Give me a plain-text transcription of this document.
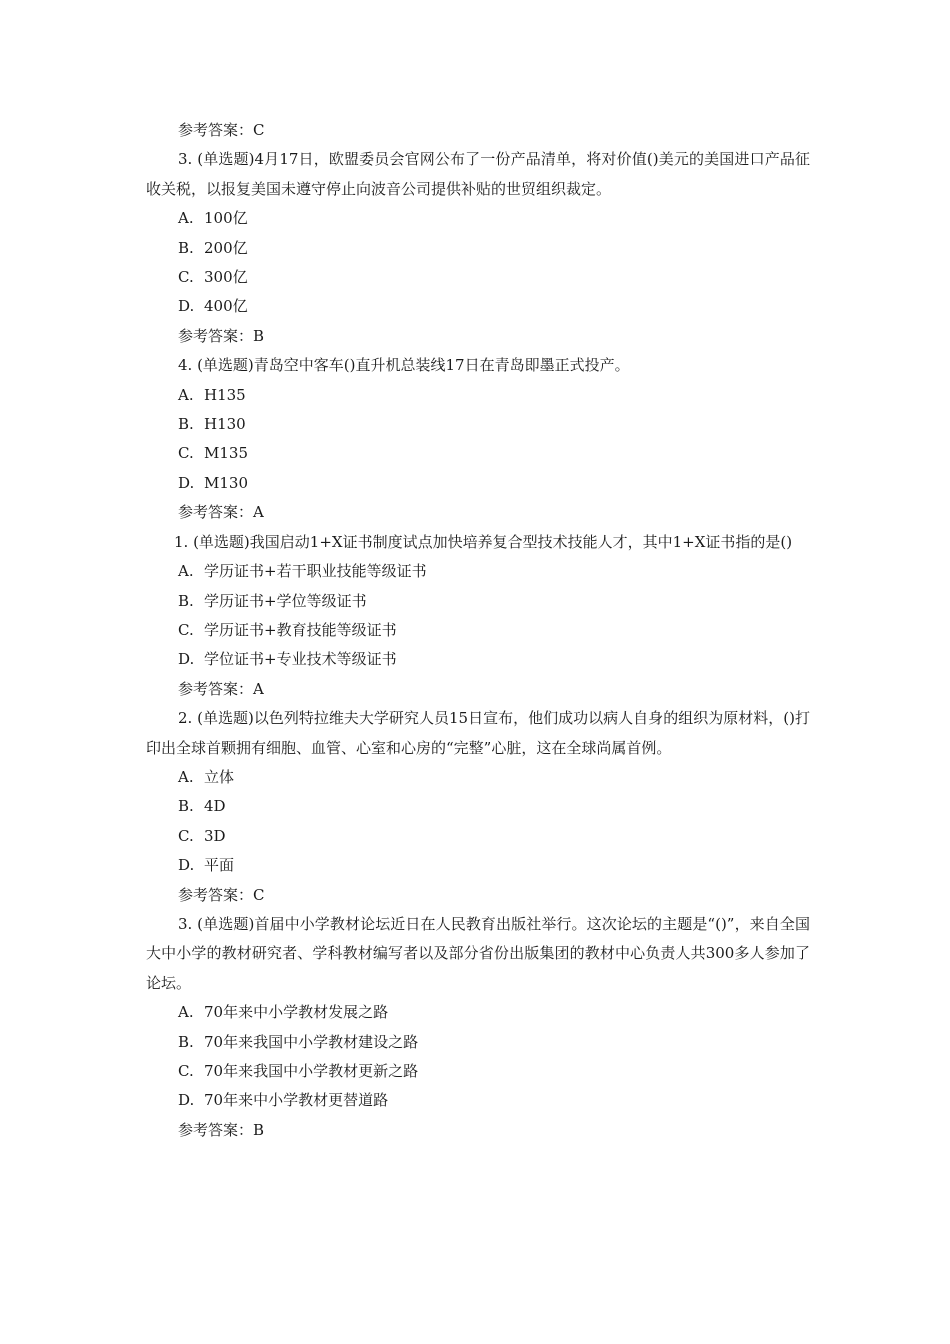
参考答案：C

3. (单选题)4月17日，欧盟委员会官网公布了一份产品清单，将对价值()美元的美国进口产品征收关税，以报复美国未遵守停止向波音公司提供补贴的世贸组织裁定。

A. 100亿

B. 200亿

C. 300亿

D. 400亿

参考答案：B

4. (单选题)青岛空中客车()直升机总装线17日在青岛即墨正式投产。

A. H135

B. H130

C. M135

D. M130

参考答案：A

1. (单选题)我国启动1+X证书制度试点加快培养复合型技术技能人才，其中1+X证书指的是()

A. 学历证书+若干职业技能等级证书

B. 学历证书+学位等级证书

C. 学历证书+教育技能等级证书

D. 学位证书+专业技术等级证书

参考答案：A

2. (单选题)以色列特拉维夫大学研究人员15日宣布，他们成功以病人自身的组织为原材料，()打印出全球首颗拥有细胞、血管、心室和心房的“完整”心脏，这在全球尚属首例。

A. 立体

B. 4D

C. 3D

D. 平面

参考答案：C

3. (单选题)首届中小学教材论坛近日在人民教育出版社举行。这次论坛的主题是“()”，来自全国大中小学的教材研究者、学科教材编写者以及部分省份出版集团的教材中心负责人共300多人参加了论坛。

A. 70年来中小学教材发展之路

B. 70年来我国中小学教材建设之路

C. 70年来我国中小学教材更新之路

D. 70年来中小学教材更替道路

参考答案：B
